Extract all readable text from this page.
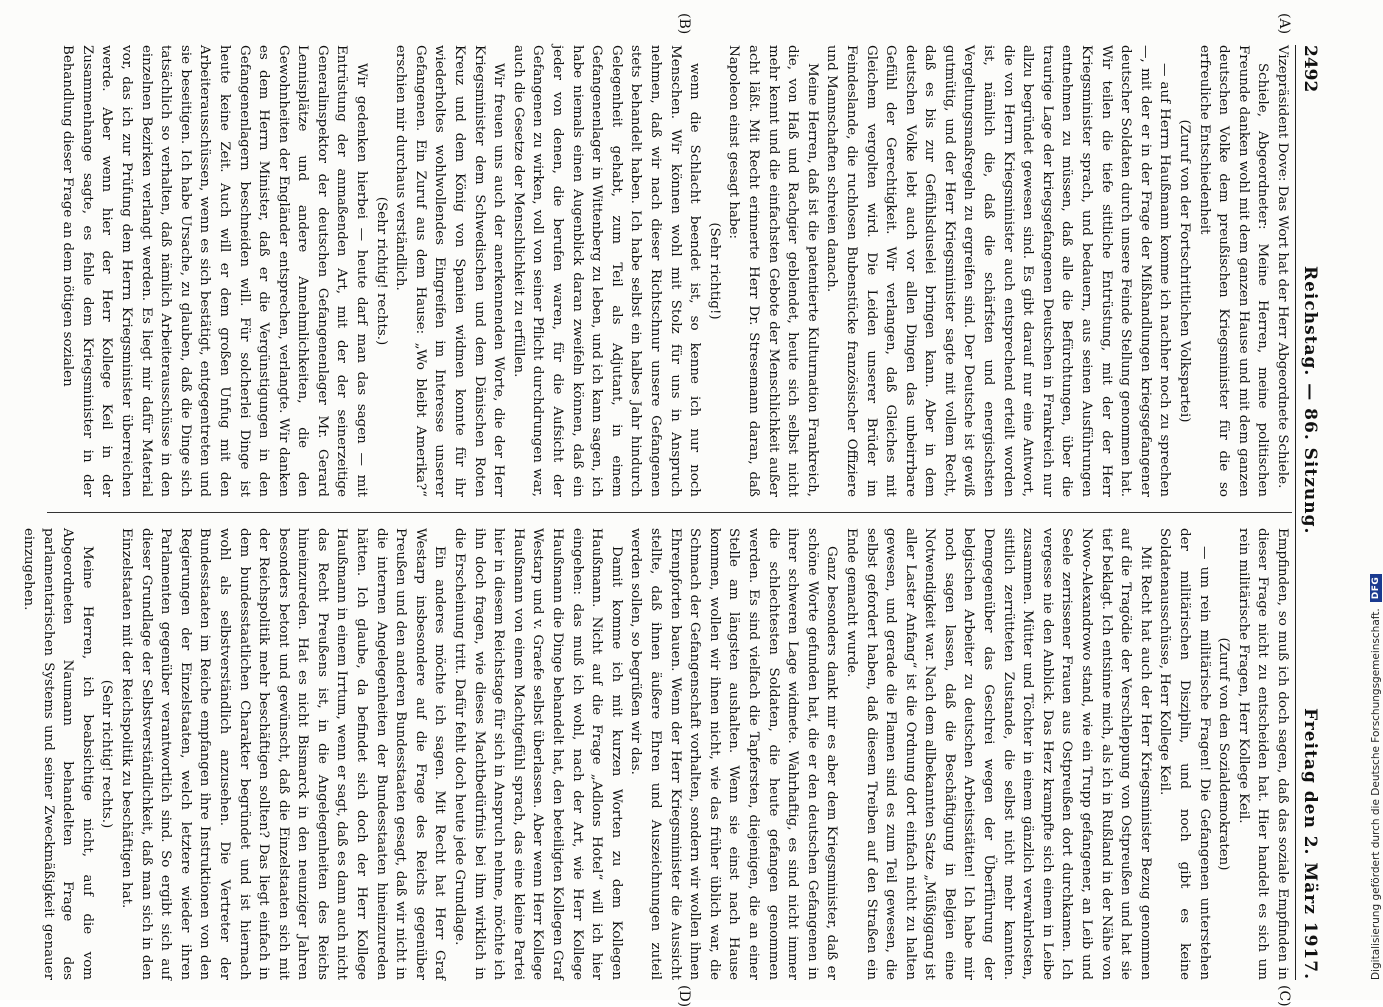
2492
Reichstag. — 86. Sitzung.
Freitag den 2. März 1917.

Vizepräsident Dove: Das Wort hat der Herr Abgeordnete Schiele.

Schiele, Abgeordneter: Meine Herren, meine politischen Freunde danken wohl mit dem ganzen Hause und mit dem ganzen deutschen Volke dem preußischen Kriegsminister für die so erfreuliche Entschiedenheit

(Zuruf von der Fortschrittlichen Volkspartei)

— auf Herrn Haußmann komme ich nachher noch zu sprechen —, mit der er in der Frage der Mißhandlungen kriegsgefangener deutscher Soldaten durch unsere Feinde Stellung genommen hat. Wir teilen die tiefe sittliche Entrüstung, mit der der Herr Kriegsminister sprach, und bedauern, aus seinen Ausführungen entnehmen zu müssen, daß alle die Befürchtungen, über die traurige Lage der kriegsgefangenen Deutschen in Frankreich nur allzu begründet gewesen sind. Es gibt darauf nur eine Antwort, die von Herrn Kriegsminister auch entsprechend erteilt worden ist, nämlich die, daß die schärfsten und energischsten Vergeltungsmaßregeln zu ergreifen sind. Der Deutsche ist gewiß gutmütig, und der Herr Kriegsminister sagte mit vollem Recht, daß es bis zur Gefühlsduselei bringen kann. Aber in dem deutschen Volke lebt auch vor allen Dingen das unbeirrbare Gefühl der Gerechtigkeit. Wir verlangen, daß Gleiches mit Gleichem vergolten wird. Die Leiden unserer Brüder im Feindeslande, die ruchlosen Bubenstücke französischer Offiziere und Mannschaften schreien danach.

Meine Herren, daß ist die patentierte Kulturnation Frankreich, die, von Haß und Rachgier geblendet, heute sich selbst nicht mehr kennt und die einfachsten Gebote der Menschlichkeit außer acht läßt. Mit Recht erinnerte Herr Dr. Stresemann daran, daß Napoleon einst gesagt habe:

(Sehr richtig!)

wenn die Schlacht beendet ist, so kenne ich nur noch Menschen. Wir können wohl mit Stolz für uns in Anspruch nehmen, daß wir nach dieser Richtschnur unsere Gefangenen stets behandelt haben. Ich habe selbst ein halbes Jahr hindurch Gelegenheit gehabt, zum Teil als Adjutant, in einem Gefangenenlager in Wittenberg zu leben, und ich kann sagen, ich habe niemals einen Augenblick daran zweifeln können, daß ein jeder von denen, die berufen waren, für die Aufsicht der Gefangenen zu wirken, voll von seiner Pflicht durchdrungen war, auch die Gesetze der Menschlichkeit zu erfüllen.

Wir freuen uns auch der anerkennenden Worte, die der Herr Kriegsminister dem Schwedischen und dem Dänischen Roten Kreuz und dem König von Spanien widmen konnte für ihr wiederholtes wohlwollendes Eingreifen im Interesse unserer Gefangenen. Ein Zuruf aus dem Hause: „Wo bleibt Amerika?“ erschien mir durchaus verständlich.

(Sehr richtig! rechts.)

Wir gedenken hierbei — heute darf man das sagen — mit Entrüstung der anmaßenden Art, mit der der seinerzeitige Generalinspektor der deutschen Gefangenenlager Mr. Gerard Lennisplätze und andere Annehmlichkeiten, die den Gewohnheiten der Engländer entsprechen, verlangte. Wir danken es dem Herrn Minister, daß er die Vergünstigungen in den Gefangenenlagern beschneiden will. Für solcherlei Dinge ist heute keine Zeit. Auch will er dem großen Unfug mit den Arbeiterausschüssen, wenn es sich bestätigt, entgegentreten und sie beseitigen. Ich habe Ursache, zu glauben, daß die Dinge sich tatsächlich so verhalten, daß nämlich Arbeiterausschüsse in den einzelnen Bezirken verlangt werden. Es liegt mir dafür Material vor, das ich zur Prüfung dem Herrn Kriegsminister überreichen werde. Aber wenn hier der Herr Kollege Keil in der Zusammenhange sagte, es fehle dem Kriegsminister in der Behandlung dieser Frage an dem nötigen sozialen

Empfinden, so muß ich doch sagen, daß das soziale Empfinden in dieser Frage nicht zu entscheiden hat. Hier handelt es sich um rein militärische Fragen, Herr Kollege Keil.

(Zuruf von den Sozialdemokraten)

— um rein militärische Fragen! Die Gefangenen unterstehen der militärischen Disziplin, und noch gibt es keine Soldatenausschüsse, Herr Kollege Keil.

Mit Recht hat auch der Herr Kriegsminister Bezug genommen auf die Tragödie der Verschleppung von Ostpreußen und hat sie tief beklagt. Ich entsinne mich, als ich in Rußland in der Nähe von Nowo-Alexandrowo stand, wie ein Trupp gefangener, an Leib und Seele zerrissener Frauen aus Ostpreußen dort durchkamen. Ich vergesse nie den Anblick. Das Herz krampfte sich einem in Leibe zusammen. Mütter und Töchter in einem gänzlich verwahrlosten, sittlich zerrütteten Zustande, die selbst nicht mehr kannten. Demgegenüber das Geschrei wegen der Überführung der belgischen Arbeiter zu deutschen Arbeitsstätten! Ich habe mir noch sagen lassen, daß die Beschäftigung in Belgien eine Notwendigkeit war. Nach dem allbekannten Satze „Müßiggang ist aller Laster Anfang“ ist die Ordnung dort einfach nicht zu halten gewesen, und gerade die Flamen sind es zum Teil gewesen, die selbst gefordert haben, daß diesem Treiben auf den Straßen ein Ende gemacht wurde.

Ganz besonders dankt mir es aber dem Kriegsminister, daß er schöne Worte gefunden hat, die er den deutschen Gefangenen in ihrer schweren Lage widmete. Wahrhaftig, es sind nicht immer die schlechtesten Soldaten, die heute gefangen genommen werden. Es sind vielfach die Tapfersten, diejenigen, die an einer Stelle am längsten aushalten. Wenn sie einst nach Hause kommen, wollen wir ihnen nicht, wie das früher üblich war, die Schmach der Gefangenschaft vorhalten, sondern wir wollen ihnen Ehrenpforten bauen. Wenn der Herr Kriegsminister die Aussicht stellte, daß ihnen äußere Ehren und Auszeichnungen zuteil werden sollen, so begrüßen wir das.

Damit komme ich mit kurzen Worten zu dem Kollegen Haußmann. Nicht auf die Frage „Adlons Hotel“ will ich hier eingehen: das muß ich wohl, nach der Art, wie Herr Kollege Haußmann die Dinge behandelt hat, den beteiligten Kollegen Graf Westarp und v. Graefe selbst überlassen. Aber wenn Herr Kollege Haußmann von einem Machtgefühl sprach, das eine kleine Partei hier in diesem Reichstage für sich in Anspruch nehme, möchte ich ihn doch fragen, wie dieses Machtbedürfnis bei ihm wirklich in die Erscheinung tritt. Dafür fehlt doch heute jede Grundlage.

Ein anderes möchte ich sagen. Mit Recht hat Herr Graf Westarp insbesondere auf die Frage des Reichs gegenüber Preußen und den anderen Bundesstaaten gesagt, daß wir nicht in die internen Angelegenheiten der Bundesstaaten hineinzureden hätten. Ich glaube, da befindet sich doch der Herr Kollege Haußmann in einem Irrtum, wenn er sagt, daß es dann auch nicht das Recht Preußens ist, in die Angelegenheiten des Reichs hineinzureden. Hat es nicht Bismarck in den neunziger Jahren besonders betont und gewünscht, daß die Einzelstaaten sich mit der Reichspolitik mehr beschäftigen sollten? Das liegt einfach in dem bundesstaatlichen Charakter begründet und ist hiernach wohl als selbstverständlich anzusehen. Die Vertreter der Bundesstaaten im Reiche empfangen ihre Instruktionen von den Regierungen der Einzelstaaten, welch letztere wieder ihren Parlamenten gegenüber verantwortlich sind. So ergibt sich auf dieser Grundlage der Selbstverständlichkeit, daß man sich in den Einzelstaaten mit der Reichspolitik zu beschäftigen hat.

(Sehr richtig! rechts.)

Meine Herren, ich beabsichtige nicht, auf die vom Abgeordneten Naumann behandelten Frage des parlamentarischen Systems und seiner Zweckmäßigkeit genauer einzugehen.

(A)
(B)
(C)
(D)
Digitalisierung gefördert durch die Deutsche Forschungsgemeinschaft.
DFG
